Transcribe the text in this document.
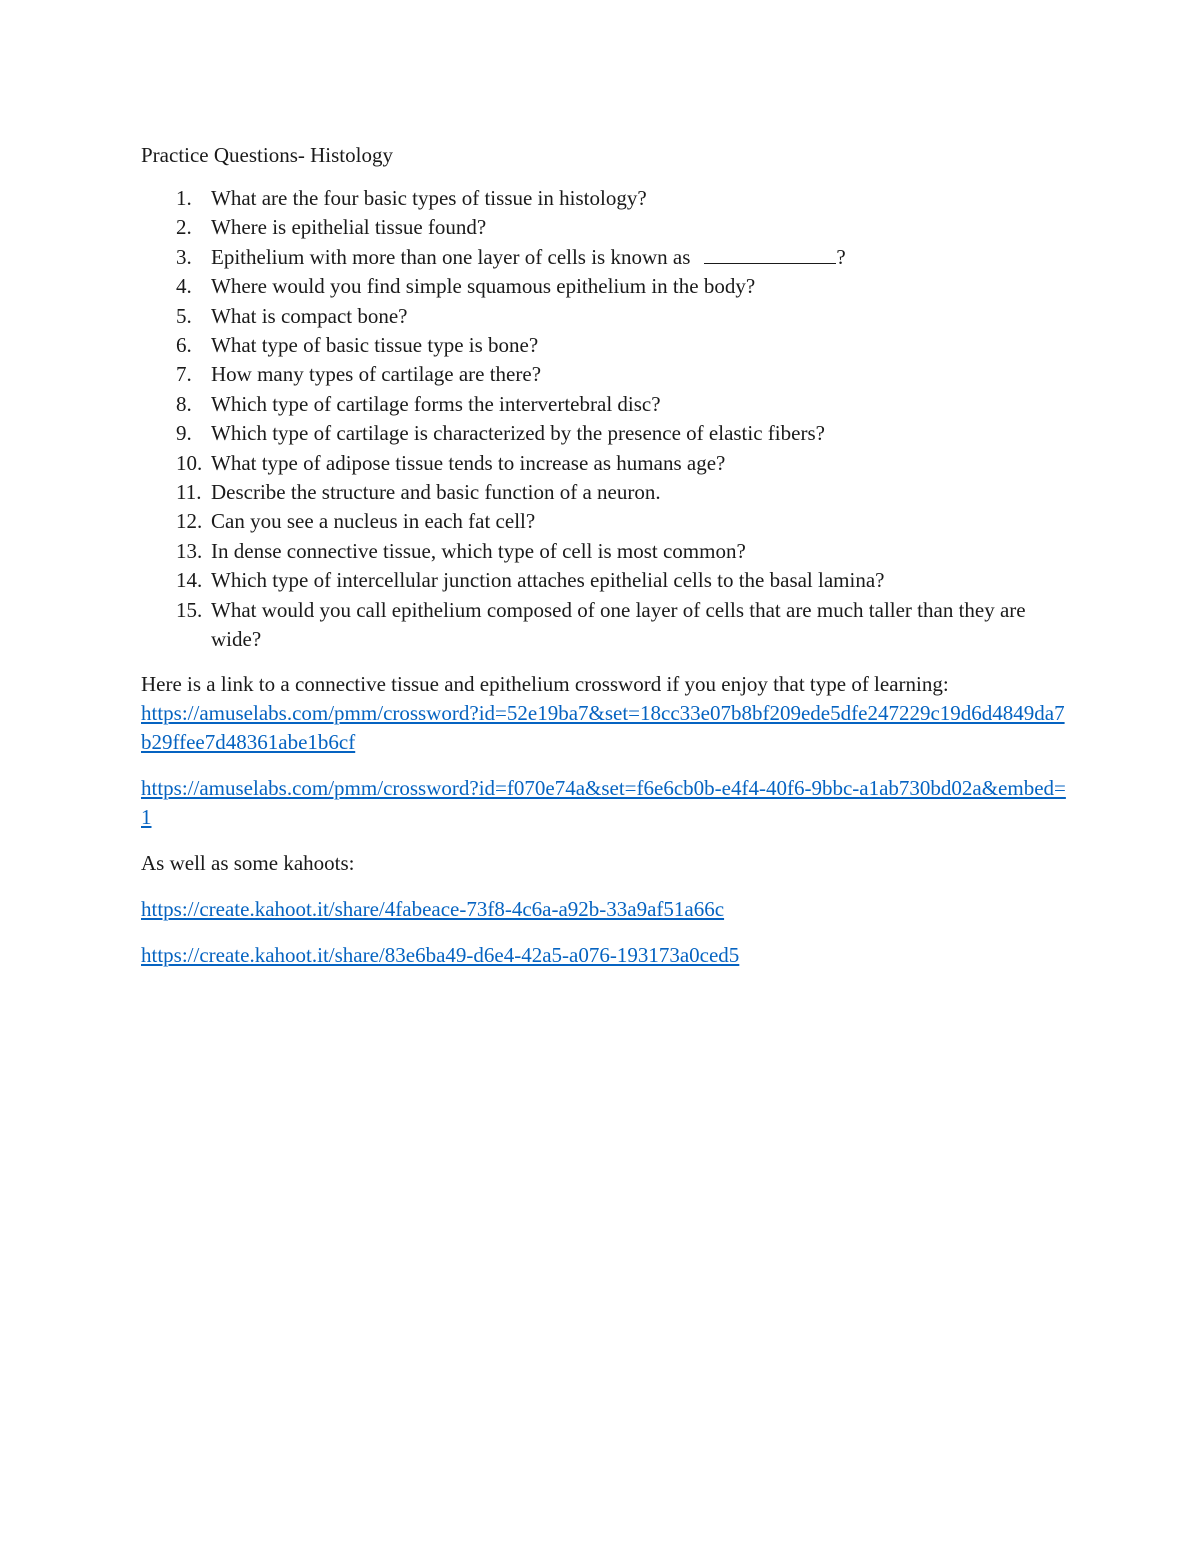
Practice Questions- Histology

1. What are the four basic types of tissue in histology?
2. Where is epithelial tissue found?
3. Epithelium with more than one layer of cells is known as	?
4. Where would you find simple squamous epithelium in the body?
5. What is compact bone?
6. What type of basic tissue type is bone?
7. How many types of cartilage are there?
8. Which type of cartilage forms the intervertebral disc?
9. Which type of cartilage is characterized by the presence of elastic fibers?
10. What type of adipose tissue tends to increase as humans age?
11. Describe the structure and basic function of a neuron.
12. Can you see a nucleus in each fat cell?
13. In dense connective tissue, which type of cell is most common?
14. Which type of intercellular junction attaches epithelial cells to the basal lamina?
15. What would you call epithelium composed of one layer of cells that are much taller than they are wide?

Here is a link to a connective tissue and epithelium crossword if you enjoy that type of learning:
https://amuselabs.com/pmm/crossword?id=52e19ba7&set=18cc33e07b8bf209ede5dfe247229c19d6d4849da7b29ffee7d48361abe1b6cf

https://amuselabs.com/pmm/crossword?id=f070e74a&set=f6e6cb0b-e4f4-40f6-9bbc-a1ab730bd02a&embed=1

As well as some kahoots:

https://create.kahoot.it/share/4fabeace-73f8-4c6a-a92b-33a9af51a66c

https://create.kahoot.it/share/83e6ba49-d6e4-42a5-a076-193173a0ced5
